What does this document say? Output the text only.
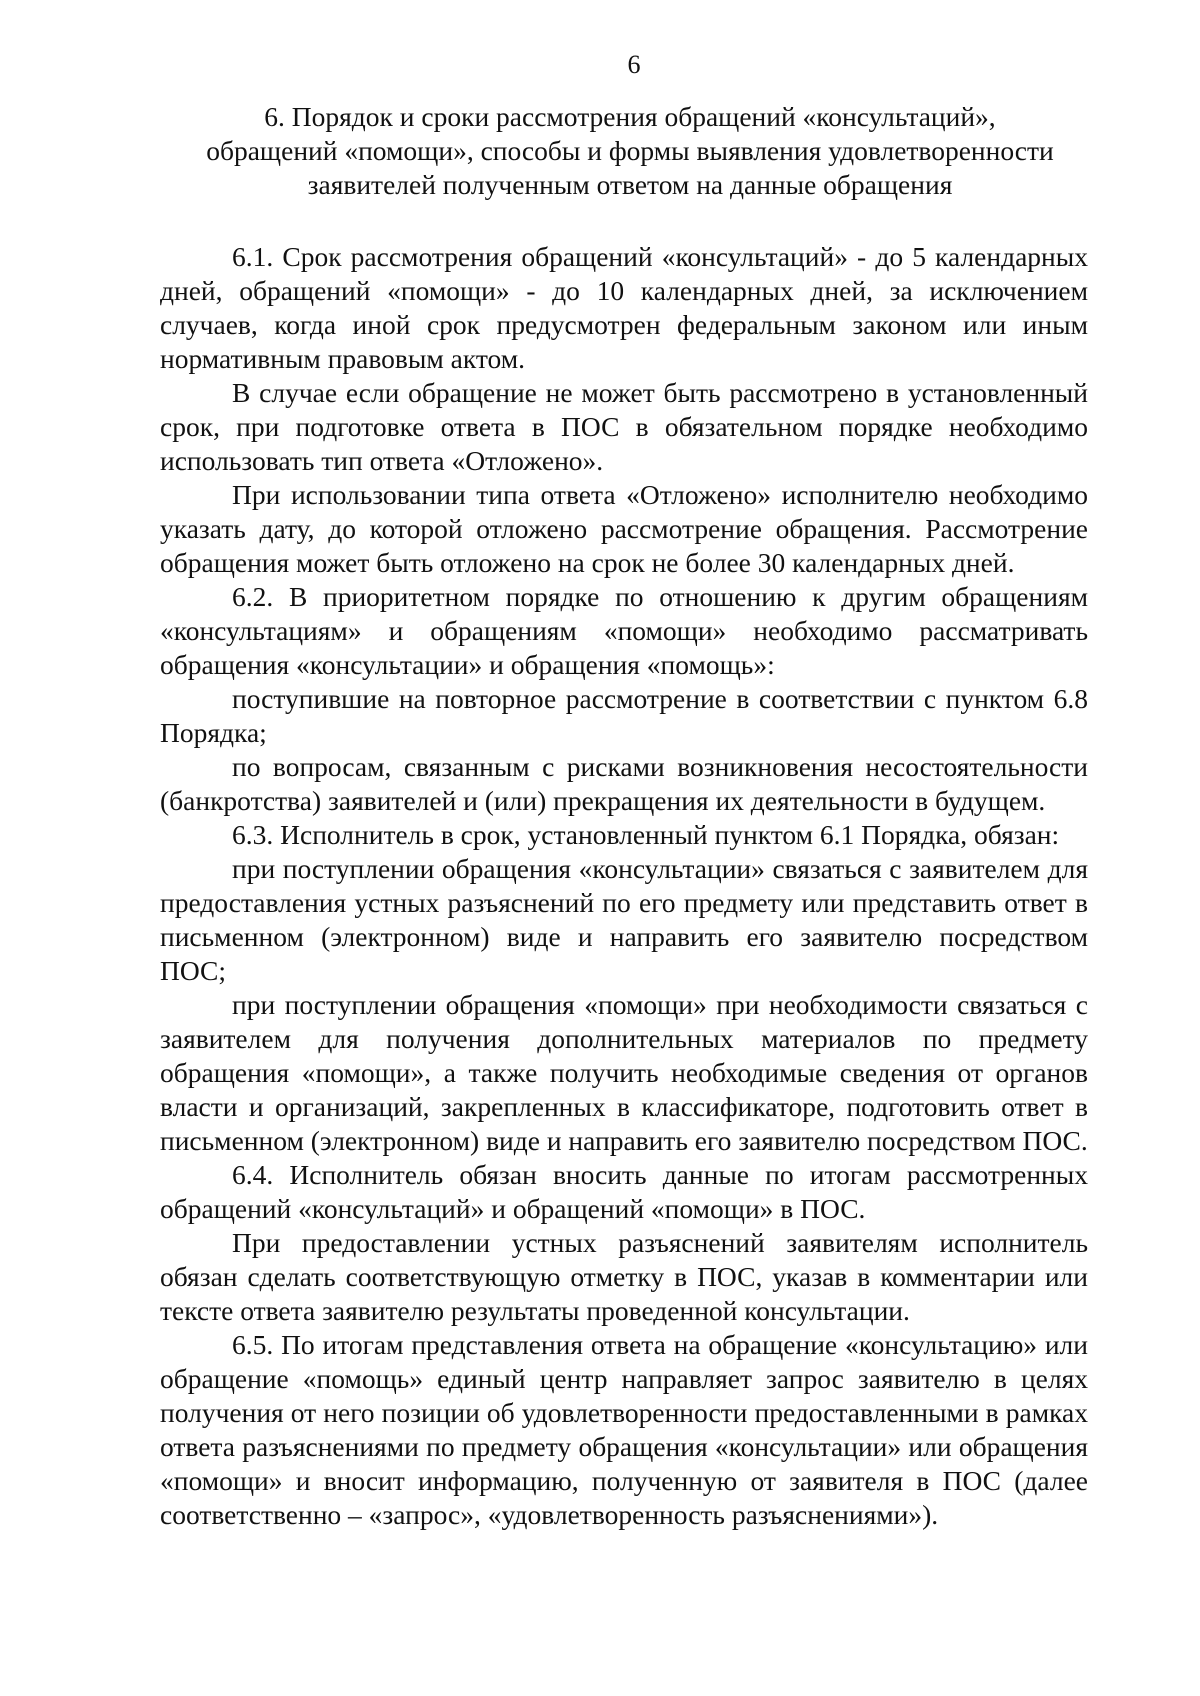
6
6. Порядок и сроки рассмотрения обращений «консультаций»,
обращений «помощи», способы и формы выявления удовлетворенности
заявителей полученным ответом на данные обращения

6.1. Срок рассмотрения обращений «консультаций» - до 5 календарных дней, обращений «помощи» - до 10 календарных дней, за исключением случаев, когда иной срок предусмотрен федеральным законом или иным нормативным правовым актом.

В случае если обращение не может быть рассмотрено в установленный срок, при подготовке ответа в ПОС в обязательном порядке необходимо использовать тип ответа «Отложено».

При использовании типа ответа «Отложено» исполнителю необходимо указать дату, до которой отложено рассмотрение обращения. Рассмотрение обращения может быть отложено на срок не более 30 календарных дней.

6.2. В приоритетном порядке по отношению к другим обращениям «консультациям» и обращениям «помощи» необходимо рассматривать обращения «консультации» и обращения «помощь»:

поступившие на повторное рассмотрение в соответствии с пунктом 6.8 Порядка;

по вопросам, связанным с рисками возникновения несостоятельности (банкротства) заявителей и (или) прекращения их деятельности в будущем.

6.3. Исполнитель в срок, установленный пунктом 6.1 Порядка, обязан:

при поступлении обращения «консультации» связаться с заявителем для предоставления устных разъяснений по его предмету или представить ответ в письменном (электронном) виде и направить его заявителю посредством ПОС;

при поступлении обращения «помощи» при необходимости связаться с заявителем для получения дополнительных материалов по предмету обращения «помощи», а также получить необходимые сведения от органов власти и организаций, закрепленных в классификаторе, подготовить ответ в письменном (электронном) виде и направить его заявителю посредством ПОС.

6.4. Исполнитель обязан вносить данные по итогам рассмотренных обращений «консультаций» и обращений «помощи» в ПОС.

При предоставлении устных разъяснений заявителям исполнитель обязан сделать соответствующую отметку в ПОС, указав в комментарии или тексте ответа заявителю результаты проведенной консультации.

6.5. По итогам представления ответа на обращение «консультацию» или обращение «помощь» единый центр направляет запрос заявителю в целях получения от него позиции об удовлетворенности предоставленными в рамках ответа разъяснениями по предмету обращения «консультации» или обращения «помощи» и вносит информацию, полученную от заявителя в ПОС (далее соответственно – «запрос», «удовлетворенность разъяснениями»).
